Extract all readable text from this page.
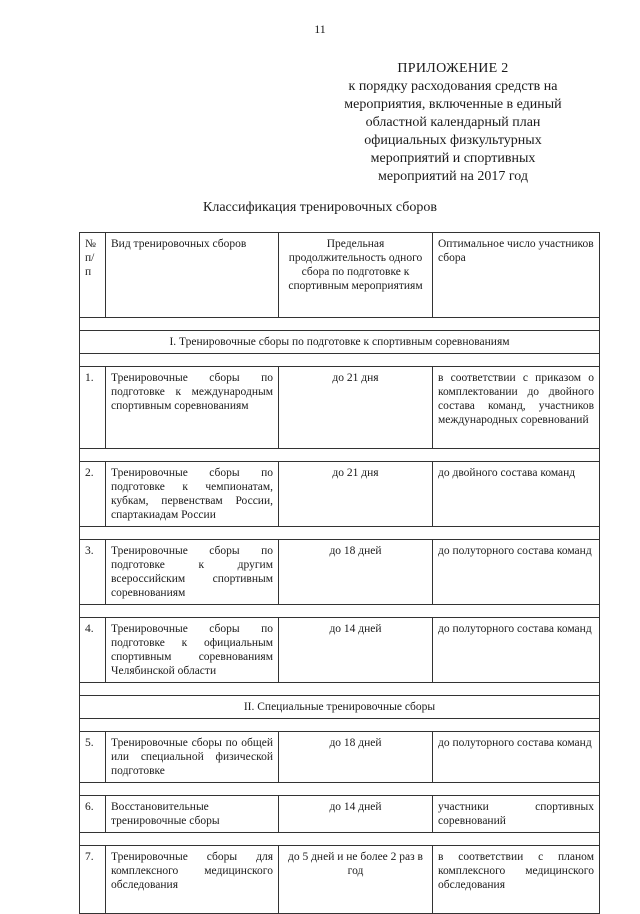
11
ПРИЛОЖЕНИЕ 2
к порядку расходования средств на
мероприятия, включенные в единый
областной календарный план
официальных физкультурных
мероприятий и спортивных
мероприятий на 2017 год
Классификация тренировочных сборов
№ п/п	Вид тренировочных сборов	Предельная продолжительность одного сбора по подготовке к спортивным мероприятиям	Оптимальное число участников сбора

I. Тренировочные сборы по подготовке к спортивным соревнованиям			

1.	Тренировочные сборы по подготовке к международным спортивным соревнованиям	до 21 дня	в соответствии с приказом о комплектовании до двойного состава команд, участников международных соревнований

2.	Тренировочные сборы по подготовке к чемпионатам, кубкам, первенствам России, спартакиадам России	до 21 дня	до двойного состава команд

3.	Тренировочные сборы по подготовке к другим всероссийским спортивным соревнованиям	до 18 дней	до полуторного состава команд

4.	Тренировочные сборы по подготовке к официальным спортивным соревнованиям Челябинской области	до 14 дней	до полуторного состава команд

II. Специальные тренировочные сборы			

5.	Тренировочные сборы по общей или специальной физической подготовке	до 18 дней	до полуторного состава команд

6.	Восстановительные тренировочные сборы	до 14 дней	участники спортивных соревнований

7.	Тренировочные сборы для комплексного медицинского обследования	до 5 дней и не более 2 раз в год	в соответствии с планом комплексного медицинского обследования
